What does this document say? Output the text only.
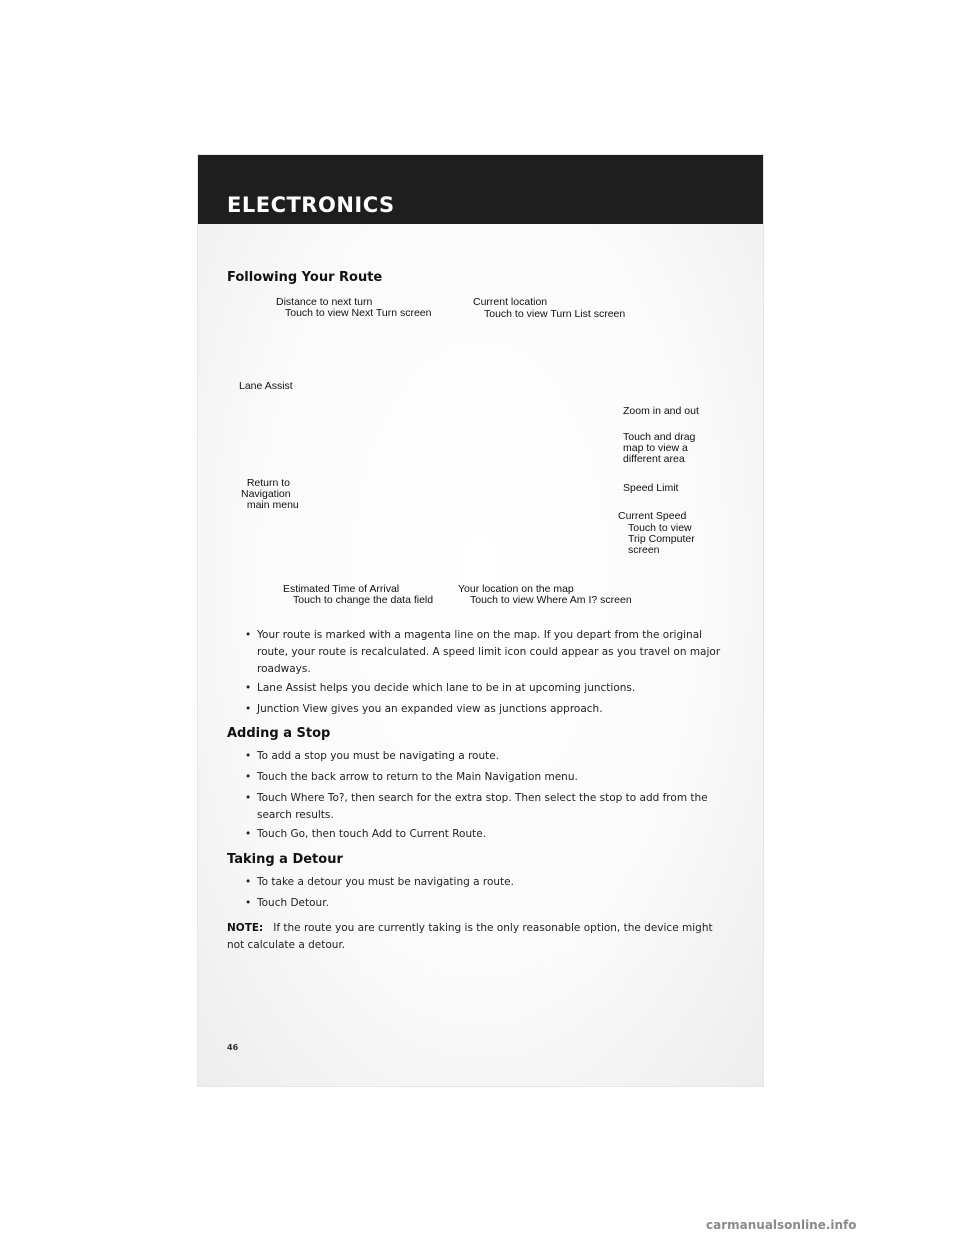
ELECTRONICS
Following Your Route
Distance to next turn
Touch to view Next Turn screen
Current location
Touch to view Turn List screen
Lane Assist
Zoom in and out
Touch and drag
map to view a
different area
Return to
Navigation
main menu
Speed Limit
Current Speed
Touch to view
Trip Computer
screen
Estimated Time of Arrival
Touch to change the data field
Your location on the map
Touch to view Where Am I? screen
• Your route is marked with a magenta line on the map. If you depart from the original route, your route is recalculated. A speed limit icon could appear as you travel on major roadways.
• Lane Assist helps you decide which lane to be in at upcoming junctions.
• Junction View gives you an expanded view as junctions approach.
Adding a Stop
• To add a stop you must be navigating a route.
• Touch the back arrow to return to the Main Navigation menu.
• Touch Where To?, then search for the extra stop. Then select the stop to add from the search results.
• Touch Go, then touch Add to Current Route.
Taking a Detour
• To take a detour you must be navigating a route.
• Touch Detour.
NOTE: If the route you are currently taking is the only reasonable option, the device might not calculate a detour.
46
carmanualsonline.info
